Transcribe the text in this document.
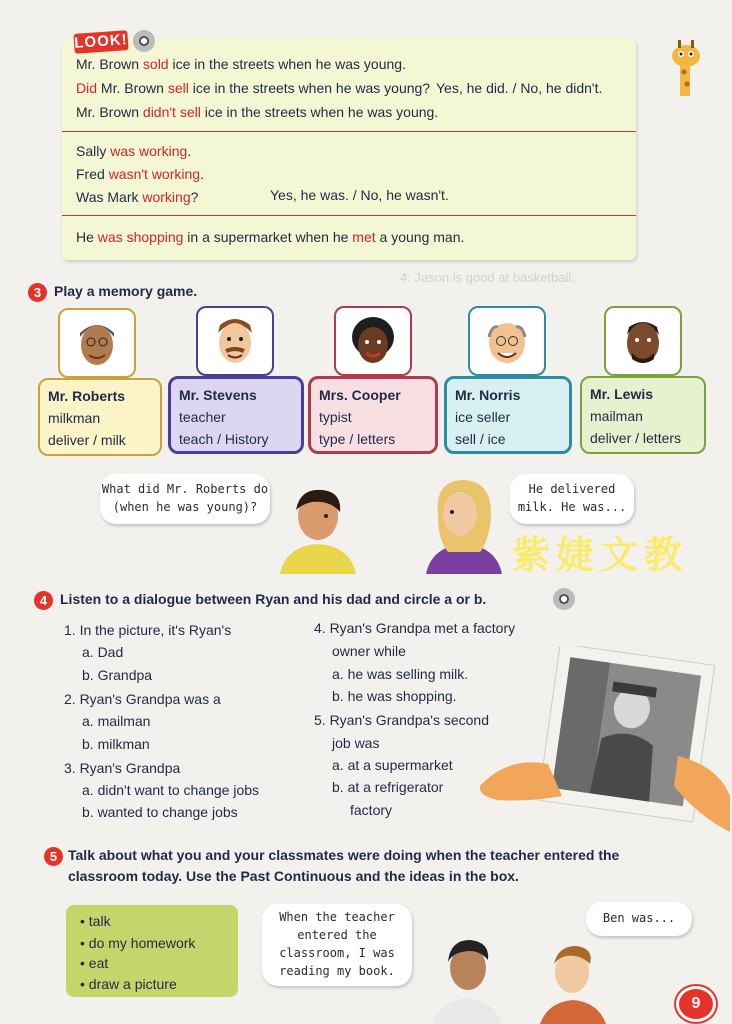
4. Jason is good at basketball.
LOOK!
Mr. Brown sold ice in the streets when he was young.
Did Mr. Brown sell ice in the streets when he was young? Yes, he did. / No, he didn't.
Mr. Brown didn't sell ice in the streets when he was young.
Sally was working.
Fred wasn't working.
Was Mark working?	Yes, he was. / No, he wasn't.
He was shopping in a supermarket when he met a young man.
3 Play a memory game.
Mr. Roberts
milkman
deliver / milk
Mr. Stevens
teacher
teach / History
Mrs. Cooper
typist
type / letters
Mr. Norris
ice seller
sell / ice
Mr. Lewis
mailman
deliver / letters
What did Mr. Roberts do
(when he was young)?
He delivered
milk. He was...
紫婕文教
4 Listen to a dialogue between Ryan and his dad and circle a or b.
1. In the picture, it's Ryan's
a. Dad
b. Grandpa
2. Ryan's Grandpa was a
a. mailman
b. milkman
3. Ryan's Grandpa
a. didn't want to change jobs
b. wanted to change jobs
4. Ryan's Grandpa met a factory
owner while
a. he was selling milk.
b. he was shopping.
5. Ryan's Grandpa's second
job was
a. at a supermarket
b. at a refrigerator
factory
5 Talk about what you and your classmates were doing when the teacher entered the
classroom today. Use the Past Continuous and the ideas in the box.
• talk
• do my homework
• eat
• draw a picture
When the teacher
entered the
classroom, I was
reading my book.
Ben was...
9
